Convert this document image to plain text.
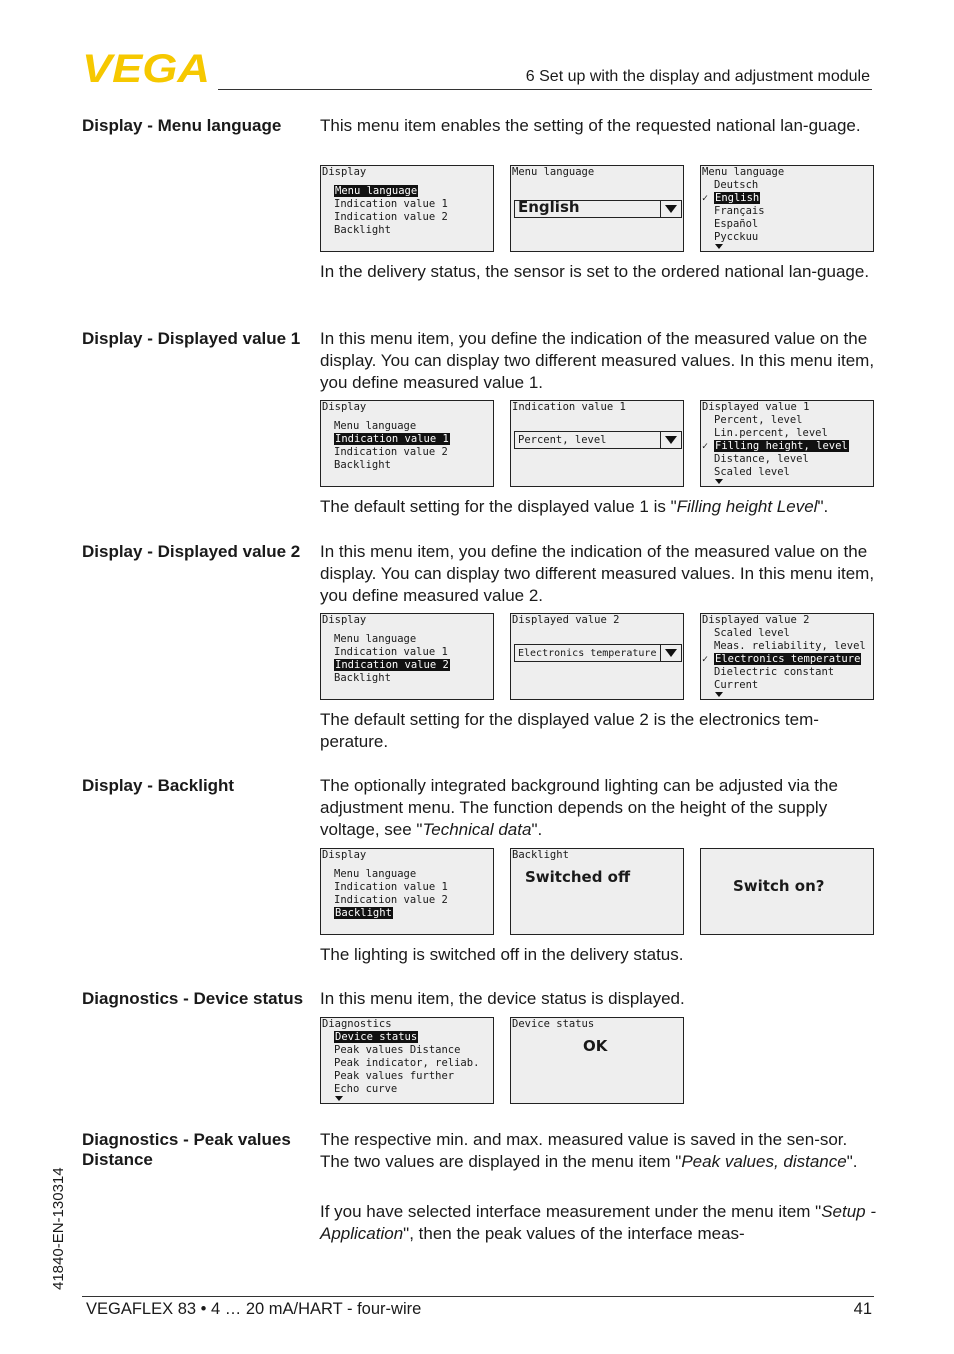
VEGA	6 Set up with the display and adjustment module
Display - Menu language	This menu item enables the setting of the requested national lan-guage.
Display
Menu language
Indication value 1
Indication value 2
Backlight
Menu language
English
Menu language
Deutsch
✓ English
Français
Español
Pycckuu
In the delivery status, the sensor is set to the ordered national lan-guage.
Display - Displayed value 1	In this menu item, you define the indication of the measured value on the display. You can display two different measured values. In this menu item, you define measured value 1.
Display
Menu language
Indication value 1
Indication value 2
Backlight
Indication value 1
Percent, level
Displayed value 1
Percent, level
Lin.percent, level
✓ Filling height, level
Distance, level
Scaled level
The default setting for the displayed value 1 is "Filling height Level".
Display - Displayed value 2	In this menu item, you define the indication of the measured value on the display. You can display two different measured values. In this menu item, you define measured value 2.
Display
Menu language
Indication value 1
Indication value 2
Backlight
Displayed value 2
Electronics temperature
Displayed value 2
Scaled level
Meas. reliability, level
✓ Electronics temperature
Dielectric constant
Current
The default setting for the displayed value 2 is the electronics tem-perature.
Display - Backlight	The optionally integrated background lighting can be adjusted via the adjustment menu. The function depends on the height of the supply voltage, see "Technical data".
Display
Menu language
Indication value 1
Indication value 2
Backlight
Backlight
Switched off	Switch on?
The lighting is switched off in the delivery status.
Diagnostics - Device status In this menu item, the device status is displayed.
Diagnostics
Device status
Peak values Distance
Peak indicator, reliab.
Peak values further
Echo curve
Device status
OK
Diagnostics - Peak values Distance
The respective min. and max. measured value is saved in the sen-sor. The two values are displayed in the menu item "Peak values, distance".
If you have selected interface measurement under the menu item "Setup - Application", then the peak values of the interface meas-
41840-EN-130314
VEGAFLEX 83 • 4 … 20 mA/HART - four-wire	41
